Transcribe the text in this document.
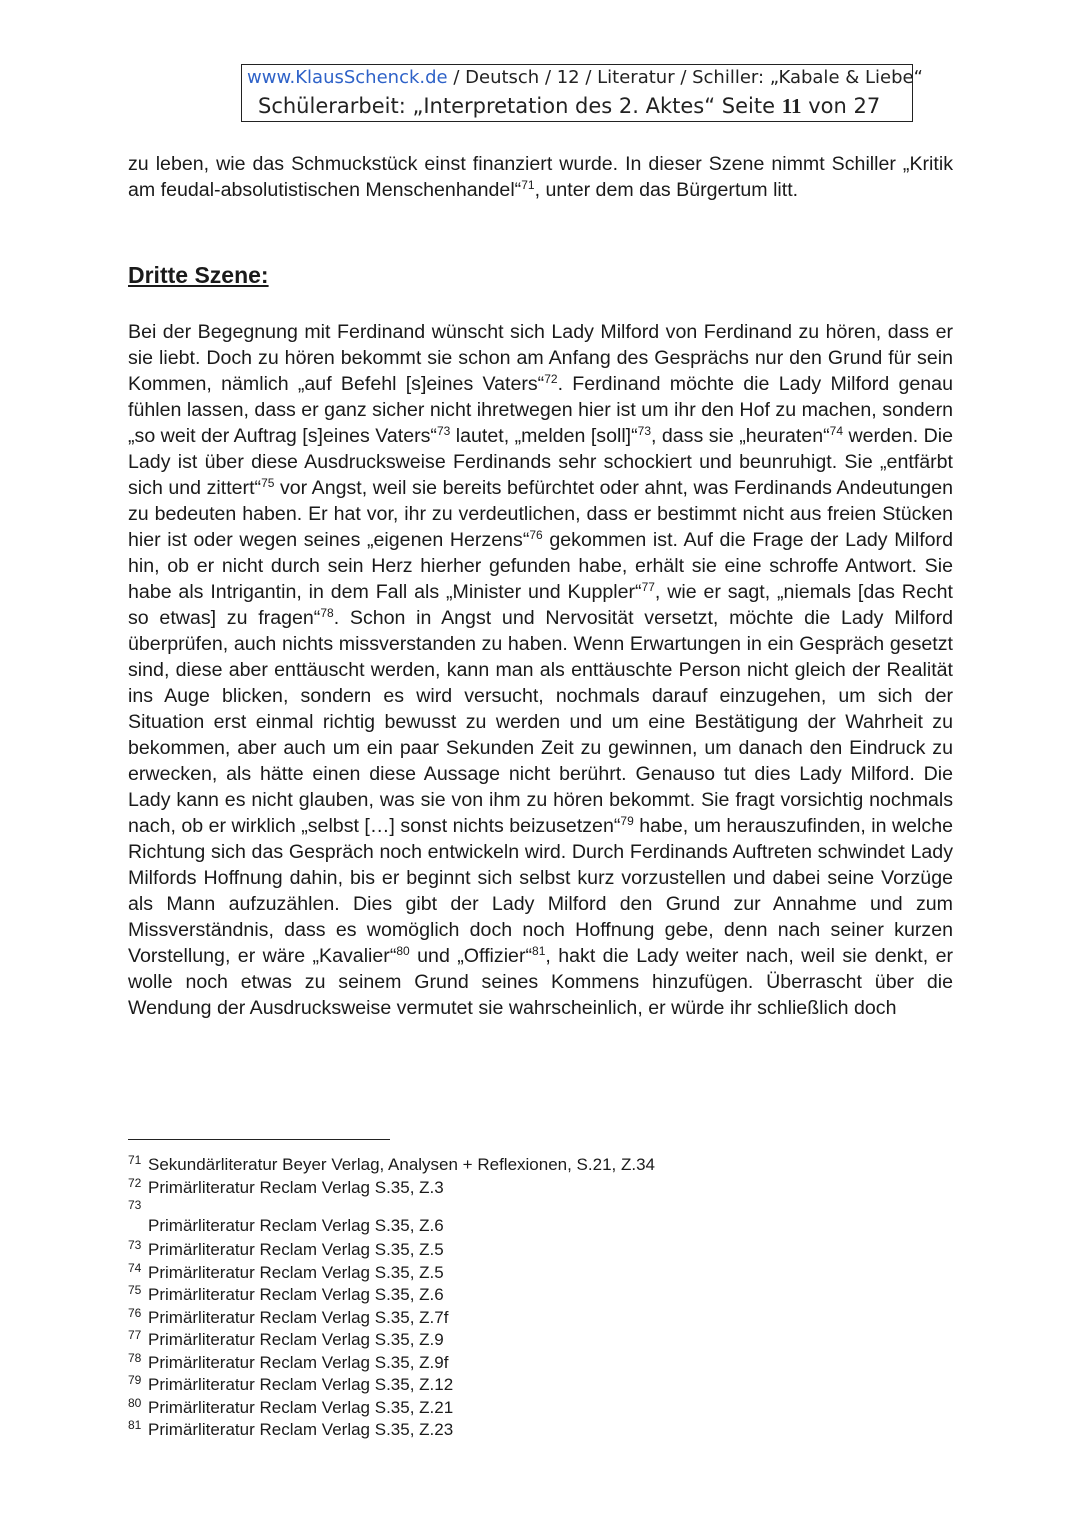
www.KlausSchenck.de / Deutsch / 12 / Literatur / Schiller: „Kabale & Liebe“
Schülerarbeit: „Interpretation des 2. Aktes“ Seite 11 von 27
zu leben, wie das Schmuckstück einst finanziert wurde. In dieser Szene nimmt Schiller „Kritik am feudal-absolutistischen Menschenhandel“$^{71}$, unter dem das Bürgertum litt.
Dritte Szene:
Bei der Begegnung mit Ferdinand wünscht sich Lady Milford von Ferdinand zu hören, dass er sie liebt. Doch zu hören bekommt sie schon am Anfang des Gesprächs nur den Grund für sein Kommen, nämlich „auf Befehl [s]eines Vaters“$^{72}$. Ferdinand möchte die Lady Milford genau fühlen lassen, dass er ganz sicher nicht ihretwegen hier ist um ihr den Hof zu machen, sondern „so weit der Auftrag [s]eines Vaters“$^{73}$ lautet, „melden [soll]“$^{73}$, dass sie „heuraten“$^{74}$ werden. Die Lady ist über diese Ausdrucksweise Ferdinands sehr schockiert und beunruhigt. Sie „entfärbt sich und zittert“$^{75}$ vor Angst, weil sie bereits befürchtet oder ahnt, was Ferdinands Andeutungen zu bedeuten haben. Er hat vor, ihr zu verdeutlichen, dass er bestimmt nicht aus freien Stücken hier ist oder wegen seines „eigenen Herzens“$^{76}$ gekommen ist. Auf die Frage der Lady Milford hin, ob er nicht durch sein Herz hierher gefunden habe, erhält sie eine schroffe Antwort. Sie habe als Intrigantin, in dem Fall als „Minister und Kuppler“$^{77}$, wie er sagt, „niemals [das Recht so etwas] zu fragen“$^{78}$. Schon in Angst und Nervosität versetzt, möchte die Lady Milford überprüfen, auch nichts missverstanden zu haben. Wenn Erwartungen in ein Gespräch gesetzt sind, diese aber enttäuscht werden, kann man als enttäuschte Person nicht gleich der Realität ins Auge blicken, sondern es wird versucht, nochmals darauf einzugehen, um sich der Situation erst einmal richtig bewusst zu werden und um eine Bestätigung der Wahrheit zu bekommen, aber auch um ein paar Sekunden Zeit zu gewinnen, um danach den Eindruck zu erwecken, als hätte einen diese Aussage nicht berührt. Genauso tut dies Lady Milford. Die Lady kann es nicht glauben, was sie von ihm zu hören bekommt. Sie fragt vorsichtig nochmals nach, ob er wirklich „selbst […] sonst nichts beizusetzen“$^{79}$ habe, um herauszufinden, in welche Richtung sich das Gespräch noch entwickeln wird. Durch Ferdinands Auftreten schwindet Lady Milfords Hoffnung dahin, bis er beginnt sich selbst kurz vorzustellen und dabei seine Vorzüge als Mann aufzuzählen. Dies gibt der Lady Milford den Grund zur Annahme und zum Missverständnis, dass es womöglich doch noch Hoffnung gebe, denn nach seiner kurzen Vorstellung, er wäre „Kavalier“$^{80}$ und „Offizier“$^{81}$, hakt die Lady weiter nach, weil sie denkt, er wolle noch etwas zu seinem Grund seines Kommens hinzufügen. Überrascht über die Wendung der Ausdrucksweise vermutet sie wahrscheinlich, er würde ihr schließlich doch
71 Sekundärliteratur Beyer Verlag, Analysen + Reflexionen, S.21, Z.34
72 Primärliteratur Reclam Verlag S.35, Z.3
73
Primärliteratur Reclam Verlag S.35, Z.6
73 Primärliteratur Reclam Verlag S.35, Z.5
74 Primärliteratur Reclam Verlag S.35, Z.5
75 Primärliteratur Reclam Verlag S.35, Z.6
76 Primärliteratur Reclam Verlag S.35, Z.7f
77 Primärliteratur Reclam Verlag S.35, Z.9
78 Primärliteratur Reclam Verlag S.35, Z.9f
79 Primärliteratur Reclam Verlag S.35, Z.12
80 Primärliteratur Reclam Verlag S.35, Z.21
81 Primärliteratur Reclam Verlag S.35, Z.23
